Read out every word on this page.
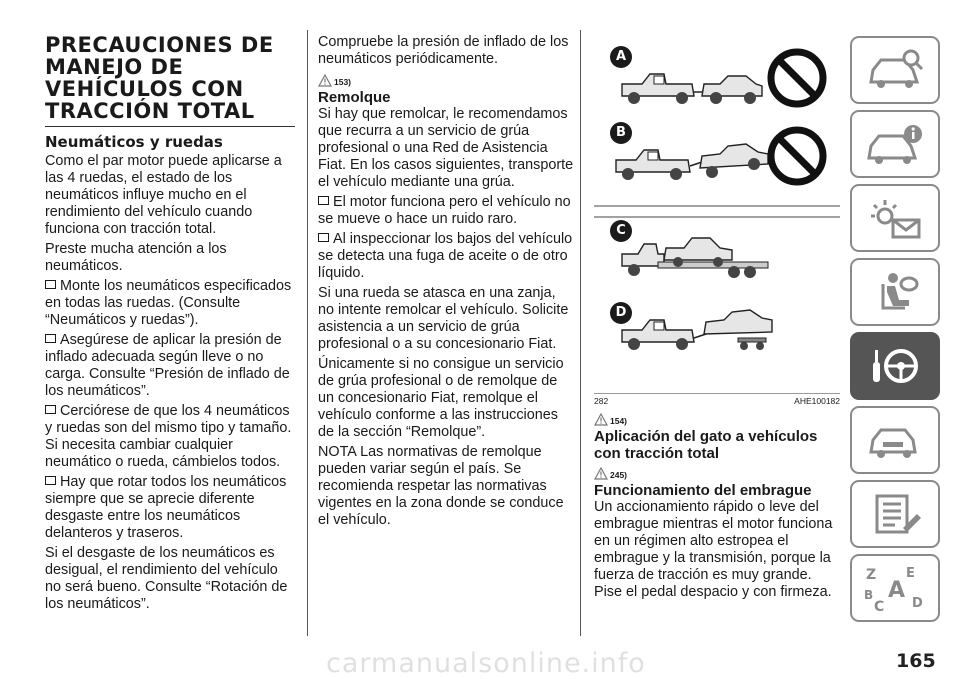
PRECAUCIONES DE MANEJO DE VEHÍCULOS CON TRACCIÓN TOTAL
Neumáticos y ruedas

Como el par motor puede aplicarse a las 4 ruedas, el estado de los neumáticos influye mucho en el rendimiento del vehículo cuando funciona con tracción total.

Preste mucha atención a los neumáticos.

Monte los neumáticos especificados en todas las ruedas. (Consulte “Neumáticos y ruedas”).

Asegúrese de aplicar la presión de inflado adecuada según lleve o no carga. Consulte “Presión de inflado de los neumáticos”.

Cerciórese de que los 4 neumáticos y ruedas son del mismo tipo y tamaño. Si necesita cambiar cualquier neumático o rueda, cámbielos todos.

Hay que rotar todos los neumáticos siempre que se aprecie diferente desgaste entre los neumáticos delanteros y traseros.

Si el desgaste de los neumáticos es desigual, el rendimiento del vehículo no será bueno. Consulte “Rotación de los neumáticos”.

Compruebe la presión de inflado de los neumáticos periódicamente.

153)
Remolque

Si hay que remolcar, le recomendamos que recurra a un servicio de grúa profesional o una Red de Asistencia Fiat. En los casos siguientes, transporte el vehículo mediante una grúa.

El motor funciona pero el vehículo no se mueve o hace un ruido raro.

Al inspeccionar los bajos del vehículo se detecta una fuga de aceite o de otro líquido.

Si una rueda se atasca en una zanja, no intente remolcar el vehículo. Solicite asistencia a un servicio de grúa profesional o a su concesionario Fiat.

Únicamente si no consigue un servicio de grúa profesional o de remolque de un concesionario Fiat, remolque el vehículo conforme a las instrucciones de la sección “Remolque”.

NOTA Las normativas de remolque pueden variar según el país. Se recomienda respetar las normativas vigentes en la zona donde se conduce el vehículo.

A
B
C
D
282	AHE100182
154)
Aplicación del gato a vehículos con tracción total
245)
Funcionamiento del embrague

Un accionamiento rápido o leve del embrague mientras el motor funciona en un régimen alto estropea el embrague y la transmisión, porque la fuerza de tracción es muy grande. Pise el pedal despacio y con firmeza.

Z E
A
B
C D
carmanualsonline.info	165
